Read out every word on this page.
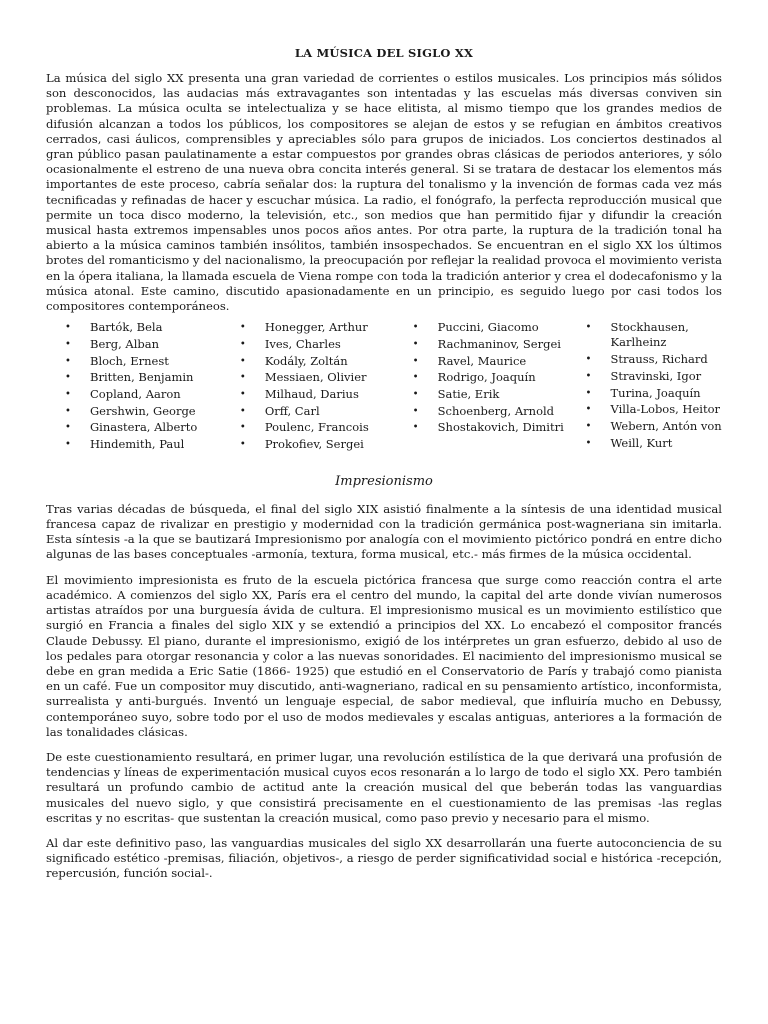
LA MÚSICA DEL SIGLO XX

La música del siglo XX presenta una gran variedad de corrientes o estilos musicales. Los principios más sólidos son desconocidos, las audacias más extravagantes son intentadas y las escuelas más diversas conviven sin problemas. La música oculta se intelectualiza y se hace elitista, al mismo tiempo que los grandes medios de difusión alcanzan a todos los públicos, los compositores se alejan de estos y se refugian en ámbitos creativos cerrados, casi áulicos, comprensibles y apreciables sólo para grupos de iniciados. Los conciertos destinados al gran público pasan paulatinamente a estar compuestos por grandes obras clásicas de periodos anteriores, y sólo ocasionalmente el estreno de una nueva obra concita interés general. Si se tratara de destacar los elementos más importantes de este proceso, cabría señalar dos: la ruptura del tonalismo y la invención de formas cada vez más tecnificadas y refinadas de hacer y escuchar música. La radio, el fonógrafo, la perfecta reproducción musical que permite un toca disco moderno, la televisión, etc., son medios que han permitido fijar y difundir la creación musical hasta extremos impensables unos pocos años antes. Por otra parte, la ruptura de la tradición tonal ha abierto a la música caminos también insólitos, también insospechados. Se encuentran en el siglo XX los últimos brotes del romanticismo y del nacionalismo, la preocupación por reflejar la realidad provoca el movimiento verista en la ópera italiana, la llamada escuela de Viena rompe con toda la tradición anterior y crea el dodecafonismo y la música atonal. Este camino, discutido apasionadamente en un principio, es seguido luego por casi todos los compositores contemporáneos.

• Bartók, Bela
• Berg, Alban
• Bloch, Ernest
• Britten, Benjamin
• Copland, Aaron
• Gershwin, George
• Ginastera, Alberto
• Hindemith, Paul
• Honegger, Arthur
• Ives, Charles
• Kodály, Zoltán
• Messiaen, Olivier
• Milhaud, Darius
• Orff, Carl
• Poulenc, Francois
• Prokofiev, Sergei
• Puccini, Giacomo
• Rachmaninov, Sergei
• Ravel, Maurice
• Rodrigo, Joaquín
• Satie, Erik
• Schoenberg, Arnold
• Shostakovich, Dimitri
• Stockhausen, Karlheinz
• Strauss, Richard
• Stravinski, Igor
• Turina, Joaquín
• Villa-Lobos, Heitor
• Webern, Antón von
• Weill, Kurt
Impresionismo

Tras varias décadas de búsqueda, el final del siglo XIX asistió finalmente a la síntesis de una identidad musical francesa capaz de rivalizar en prestigio y modernidad con la tradición germánica post-wagneriana sin imitarla. Esta síntesis -a la que se bautizará Impresionismo por analogía con el movimiento pictórico pondrá en entre dicho algunas de las bases conceptuales -armonía, textura, forma musical, etc.- más firmes de la música occidental.

El movimiento impresionista es fruto de la escuela pictórica francesa que surge como reacción contra el arte académico. A comienzos del siglo XX, París era el centro del mundo, la capital del arte donde vivían numerosos artistas atraídos por una burguesía ávida de cultura. El impresionismo musical es un movimiento estilístico que surgió en Francia a finales del siglo XIX y se extendió a principios del XX. Lo encabezó el compositor francés Claude Debussy. El piano, durante el impresionismo, exigió de los intérpretes un gran esfuerzo, debido al uso de los pedales para otorgar resonancia y color a las nuevas sonoridades. El nacimiento del impresionismo musical se debe en gran medida a Eric Satie (1866- 1925) que estudió en el Conservatorio de París y trabajó como pianista en un café. Fue un compositor muy discutido, anti-wagneriano, radical en su pensamiento artístico, inconformista, surrealista y anti-burgués. Inventó un lenguaje especial, de sabor medieval, que influiría mucho en Debussy, contemporáneo suyo, sobre todo por el uso de modos medievales y escalas antiguas, anteriores a la formación de las tonalidades clásicas.

De este cuestionamiento resultará, en primer lugar, una revolución estilística de la que derivará una profusión de tendencias y líneas de experimentación musical cuyos ecos resonarán a lo largo de todo el siglo XX. Pero también resultará un profundo cambio de actitud ante la creación musical del que beberán todas las vanguardias musicales del nuevo siglo, y que consistirá precisamente en el cuestionamiento de las premisas -las reglas escritas y no escritas- que sustentan la creación musical, como paso previo y necesario para el mismo.

Al dar este definitivo paso, las vanguardias musicales del siglo XX desarrollarán una fuerte autoconciencia de su significado estético -premisas, filiación, objetivos-, a riesgo de perder significatividad social e histórica -recepción, repercusión, función social-.
